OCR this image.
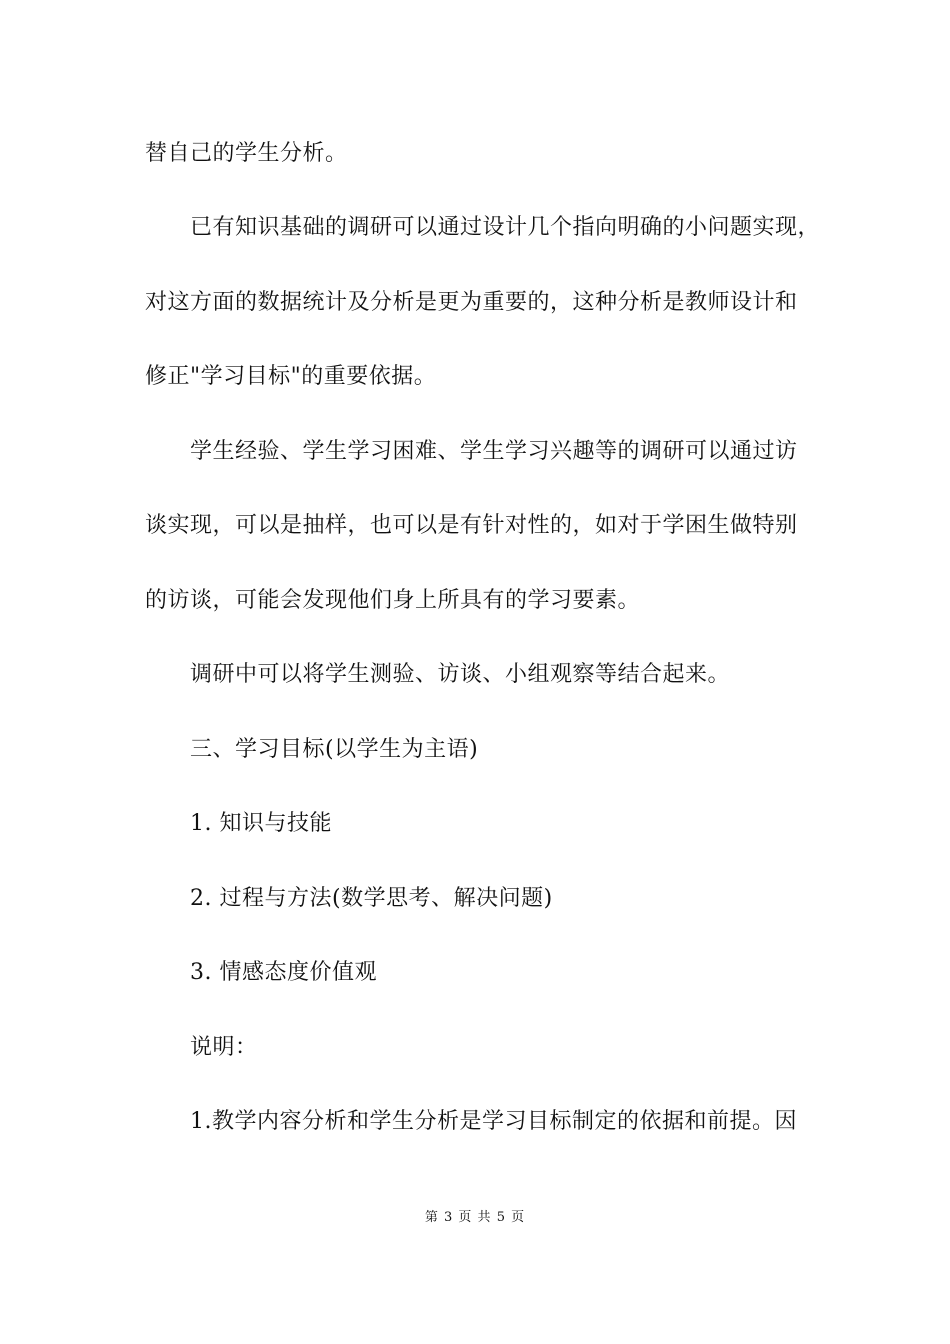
替自己的学生分析。
已有知识基础的调研可以通过设计几个指向明确的小问题实现，
对这方面的数据统计及分析是更为重要的，这种分析是教师设计和
修正"学习目标"的重要依据。
学生经验、学生学习困难、学生学习兴趣等的调研可以通过访
谈实现，可以是抽样，也可以是有针对性的，如对于学困生做特别
的访谈，可能会发现他们身上所具有的学习要素。
调研中可以将学生测验、访谈、小组观察等结合起来。
三、学习目标(以学生为主语)
1. 知识与技能
2. 过程与方法(数学思考、解决问题)
3. 情感态度价值观
说明：
1.教学内容分析和学生分析是学习目标制定的依据和前提。因
第 3 页 共 5 页
